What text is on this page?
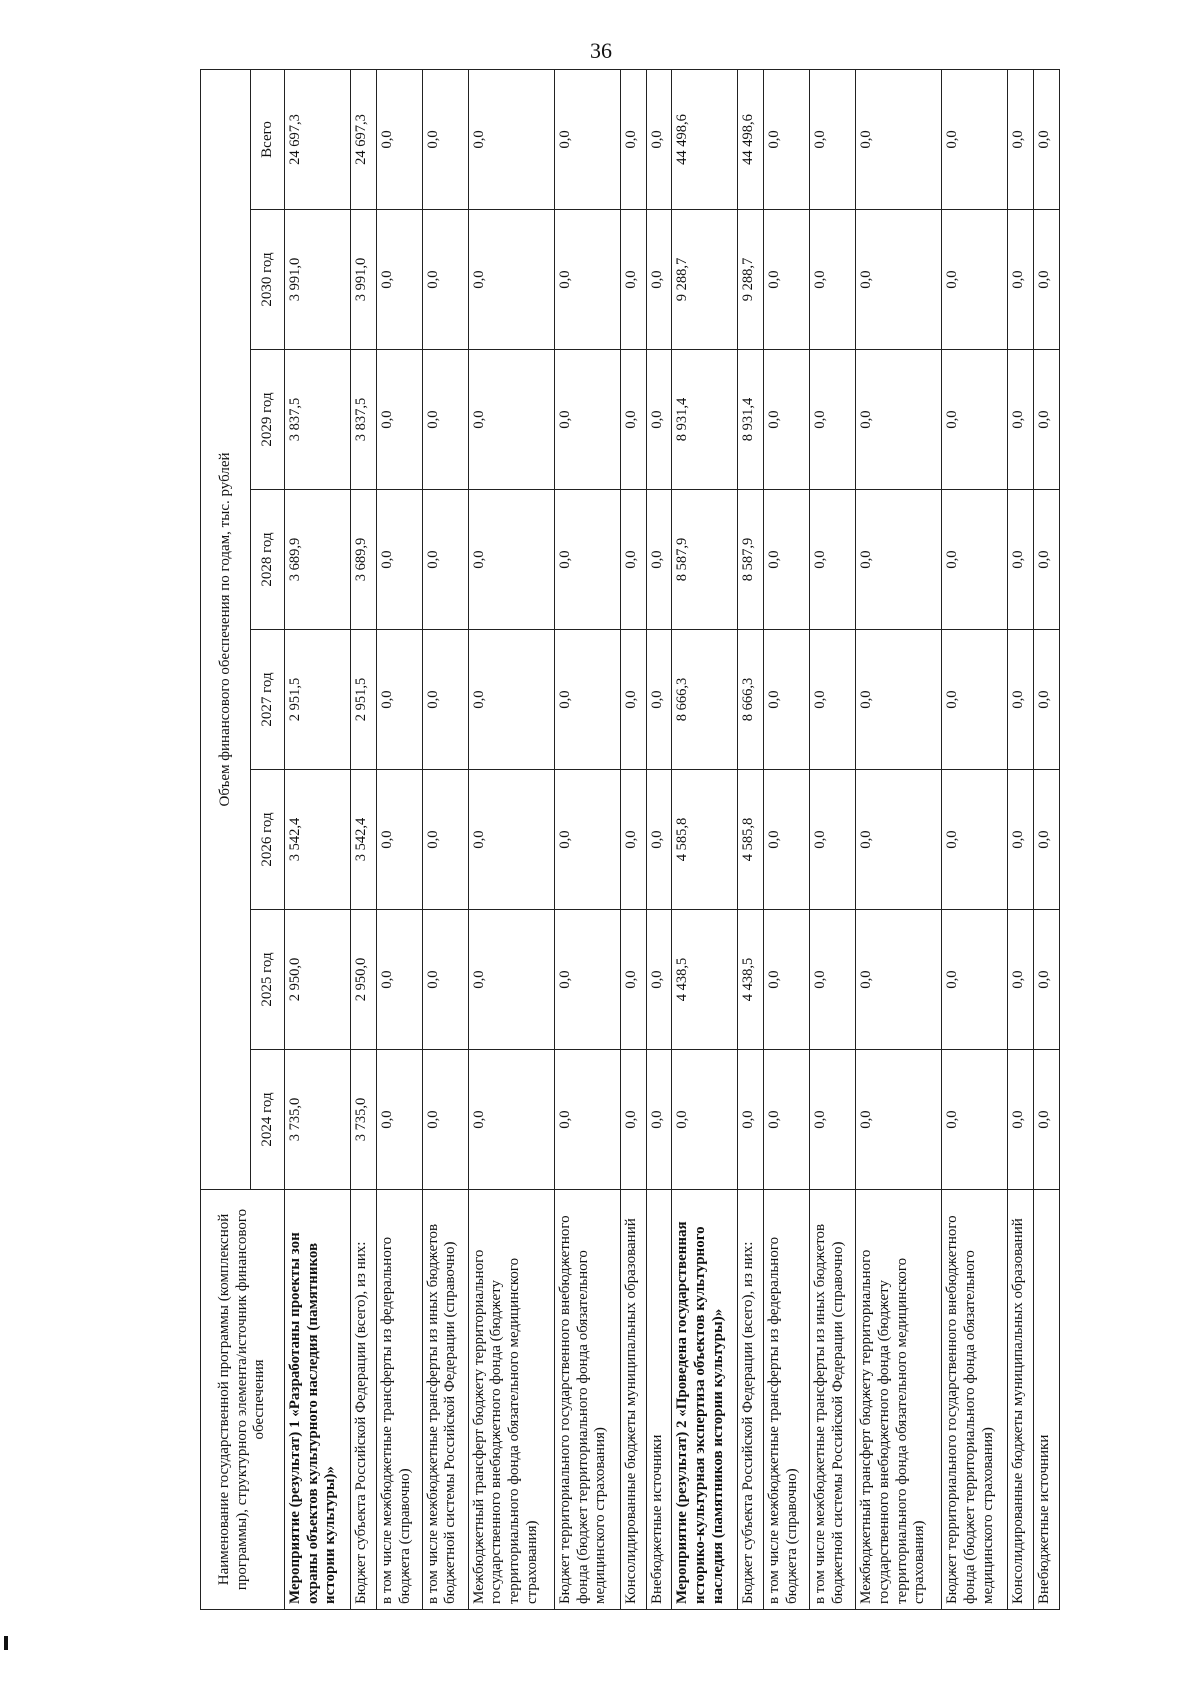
36
Наименование государственной программы (комплексной программы), структурного элемента/источник финансового обеспечения	Объем финансового обеспечения по годам, тыс. рублей							
	2024 год	2025 год	2026 год	2027 год	2028 год	2029 год	2030 год	Всего
Мероприятие (результат) 1 «Разработаны проекты зон охраны объектов культурного наследия (памятников истории культуры)»	3 735,0	2 950,0	3 542,4	2 951,5	3 689,9	3 837,5	3 991,0	24 697,3
Бюджет субъекта Российской Федерации (всего), из них:	3 735,0	2 950,0	3 542,4	2 951,5	3 689,9	3 837,5	3 991,0	24 697,3
в том числе межбюджетные трансферты из федерального бюджета (справочно)	0,0	0,0	0,0	0,0	0,0	0,0	0,0	0,0
в том числе межбюджетные трансферты из иных бюджетов бюджетной системы Российской Федерации (справочно)	0,0	0,0	0,0	0,0	0,0	0,0	0,0	0,0
Межбюджетный трансферт бюджету территориального государственного внебюджетного фонда (бюджету территориального фонда обязательного медицинского страхования)	0,0	0,0	0,0	0,0	0,0	0,0	0,0	0,0
Бюджет территориального государственного внебюджетного фонда (бюджет территориального фонда обязательного медицинского страхования)	0,0	0,0	0,0	0,0	0,0	0,0	0,0	0,0
Консолидированные бюджеты муниципальных образований	0,0	0,0	0,0	0,0	0,0	0,0	0,0	0,0
Внебюджетные источники	0,0	0,0	0,0	0,0	0,0	0,0	0,0	0,0
Мероприятие (результат) 2 «Проведена государственная историко-культурная экспертиза объектов культурного наследия (памятников истории культуры)»	0,0	4 438,5	4 585,8	8 666,3	8 587,9	8 931,4	9 288,7	44 498,6
Бюджет субъекта Российской Федерации (всего), из них:	0,0	4 438,5	4 585,8	8 666,3	8 587,9	8 931,4	9 288,7	44 498,6
в том числе межбюджетные трансферты из федерального бюджета (справочно)	0,0	0,0	0,0	0,0	0,0	0,0	0,0	0,0
в том числе межбюджетные трансферты из иных бюджетов бюджетной системы Российской Федерации (справочно)	0,0	0,0	0,0	0,0	0,0	0,0	0,0	0,0
Межбюджетный трансферт бюджету территориального государственного внебюджетного фонда (бюджету территориального фонда обязательного медицинского страхования)	0,0	0,0	0,0	0,0	0,0	0,0	0,0	0,0
Бюджет территориального государственного внебюджетного фонда (бюджет территориального фонда обязательного медицинского страхования)	0,0	0,0	0,0	0,0	0,0	0,0	0,0	0,0
Консолидированные бюджеты муниципальных образований	0,0	0,0	0,0	0,0	0,0	0,0	0,0	0,0
Внебюджетные источники	0,0	0,0	0,0	0,0	0,0	0,0	0,0	0,0
